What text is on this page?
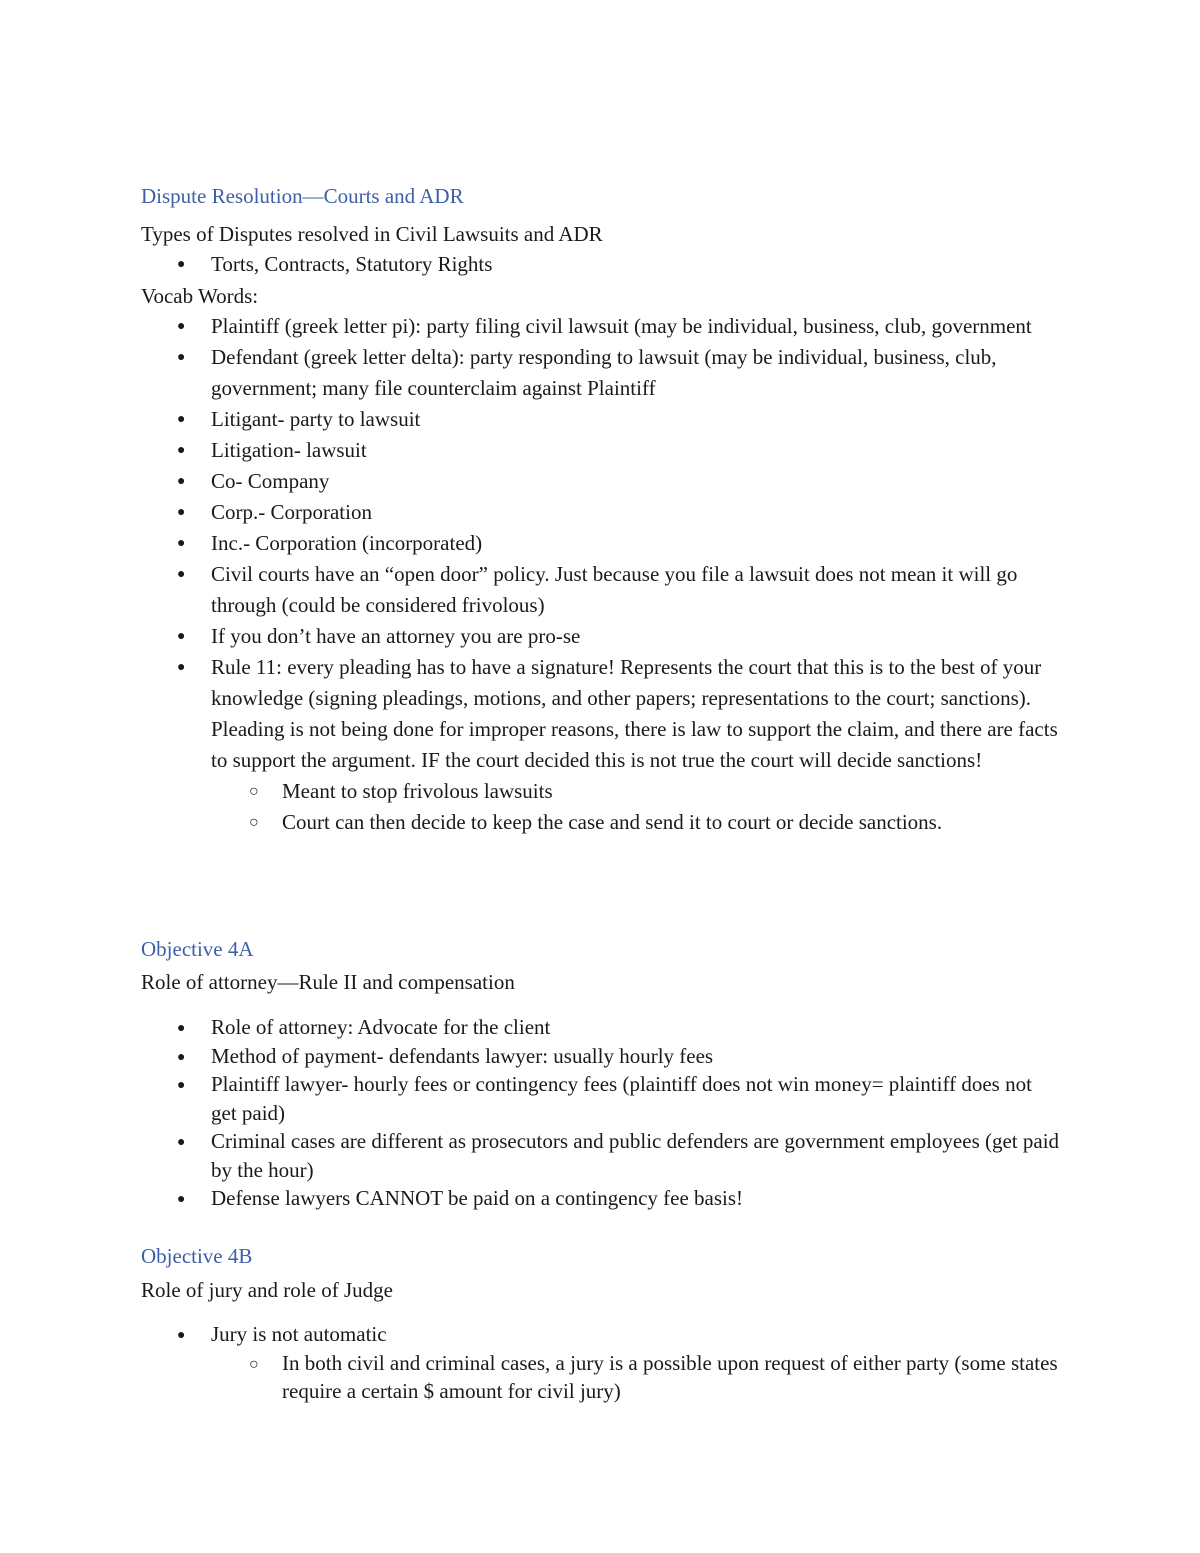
Dispute Resolution—Courts and ADR
Types of Disputes resolved in Civil Lawsuits and ADR
● Torts, Contracts, Statutory Rights
Vocab Words:
● Plaintiff (greek letter pi): party filing civil lawsuit (may be individual, business, club, government
● Defendant (greek letter delta): party responding to lawsuit (may be individual, business, club, government; many file counterclaim against Plaintiff
● Litigant- party to lawsuit
● Litigation- lawsuit
● Co- Company
● Corp.- Corporation
● Inc.- Corporation (incorporated)
● Civil courts have an “open door” policy. Just because you file a lawsuit does not mean it will go through (could be considered frivolous)
● If you don’t have an attorney you are pro-se
● Rule 11: every pleading has to have a signature! Represents the court that this is to the best of your knowledge (signing pleadings, motions, and other papers; representations to the court; sanctions). Pleading is not being done for improper reasons, there is law to support the claim, and there are facts to support the argument. IF the court decided this is not true the court will decide sanctions!
○ Meant to stop frivolous lawsuits
○ Court can then decide to keep the case and send it to court or decide sanctions.
Objective 4A
Role of attorney—Rule II and compensation
● Role of attorney: Advocate for the client
● Method of payment- defendants lawyer: usually hourly fees
● Plaintiff lawyer- hourly fees or contingency fees (plaintiff does not win money= plaintiff does not get paid)
● Criminal cases are different as prosecutors and public defenders are government employees (get paid by the hour)
● Defense lawyers CANNOT be paid on a contingency fee basis!
Objective 4B
Role of jury and role of Judge
● Jury is not automatic
○ In both civil and criminal cases, a jury is a possible upon request of either party (some states require a certain $ amount for civil jury)
